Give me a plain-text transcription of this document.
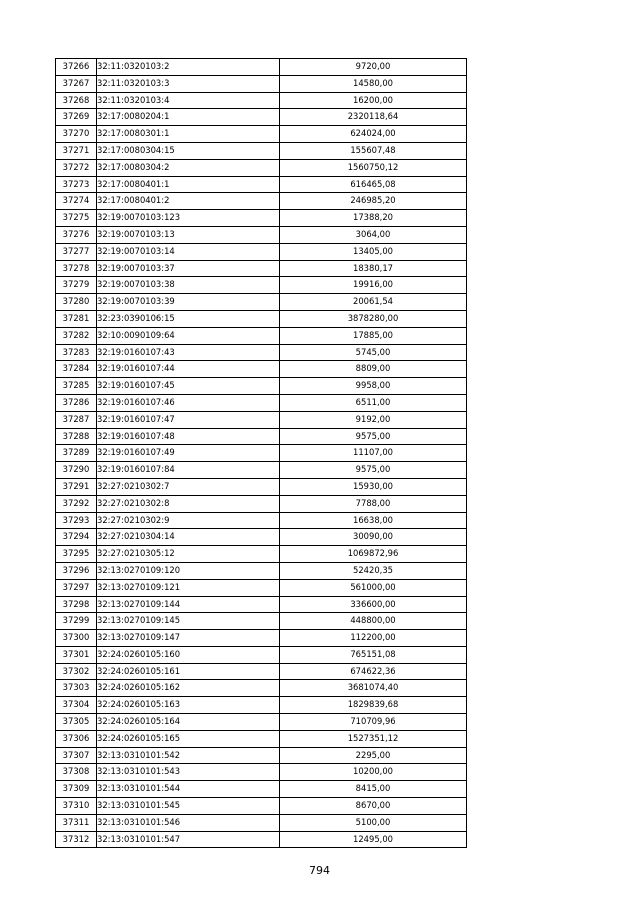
37266	32:11:0320103:2	9720,00
37267	32:11:0320103:3	14580,00
37268	32:11:0320103:4	16200,00
37269	32:17:0080204:1	2320118,64
37270	32:17:0080301:1	624024,00
37271	32:17:0080304:15	155607,48
37272	32:17:0080304:2	1560750,12
37273	32:17:0080401:1	616465,08
37274	32:17:0080401:2	246985,20
37275	32:19:0070103:123	17388,20
37276	32:19:0070103:13	3064,00
37277	32:19:0070103:14	13405,00
37278	32:19:0070103:37	18380,17
37279	32:19:0070103:38	19916,00
37280	32:19:0070103:39	20061,54
37281	32:23:0390106:15	3878280,00
37282	32:10:0090109:64	17885,00
37283	32:19:0160107:43	5745,00
37284	32:19:0160107:44	8809,00
37285	32:19:0160107:45	9958,00
37286	32:19:0160107:46	6511,00
37287	32:19:0160107:47	9192,00
37288	32:19:0160107:48	9575,00
37289	32:19:0160107:49	11107,00
37290	32:19:0160107:84	9575,00
37291	32:27:0210302:7	15930,00
37292	32:27:0210302:8	7788,00
37293	32:27:0210302:9	16638,00
37294	32:27:0210304:14	30090,00
37295	32:27:0210305:12	1069872,96
37296	32:13:0270109:120	52420,35
37297	32:13:0270109:121	561000,00
37298	32:13:0270109:144	336600,00
37299	32:13:0270109:145	448800,00
37300	32:13:0270109:147	112200,00
37301	32:24:0260105:160	765151,08
37302	32:24:0260105:161	674622,36
37303	32:24:0260105:162	3681074,40
37304	32:24:0260105:163	1829839,68
37305	32:24:0260105:164	710709,96
37306	32:24:0260105:165	1527351,12
37307	32:13:0310101:542	2295,00
37308	32:13:0310101:543	10200,00
37309	32:13:0310101:544	8415,00
37310	32:13:0310101:545	8670,00
37311	32:13:0310101:546	5100,00
37312	32:13:0310101:547	12495,00
794
